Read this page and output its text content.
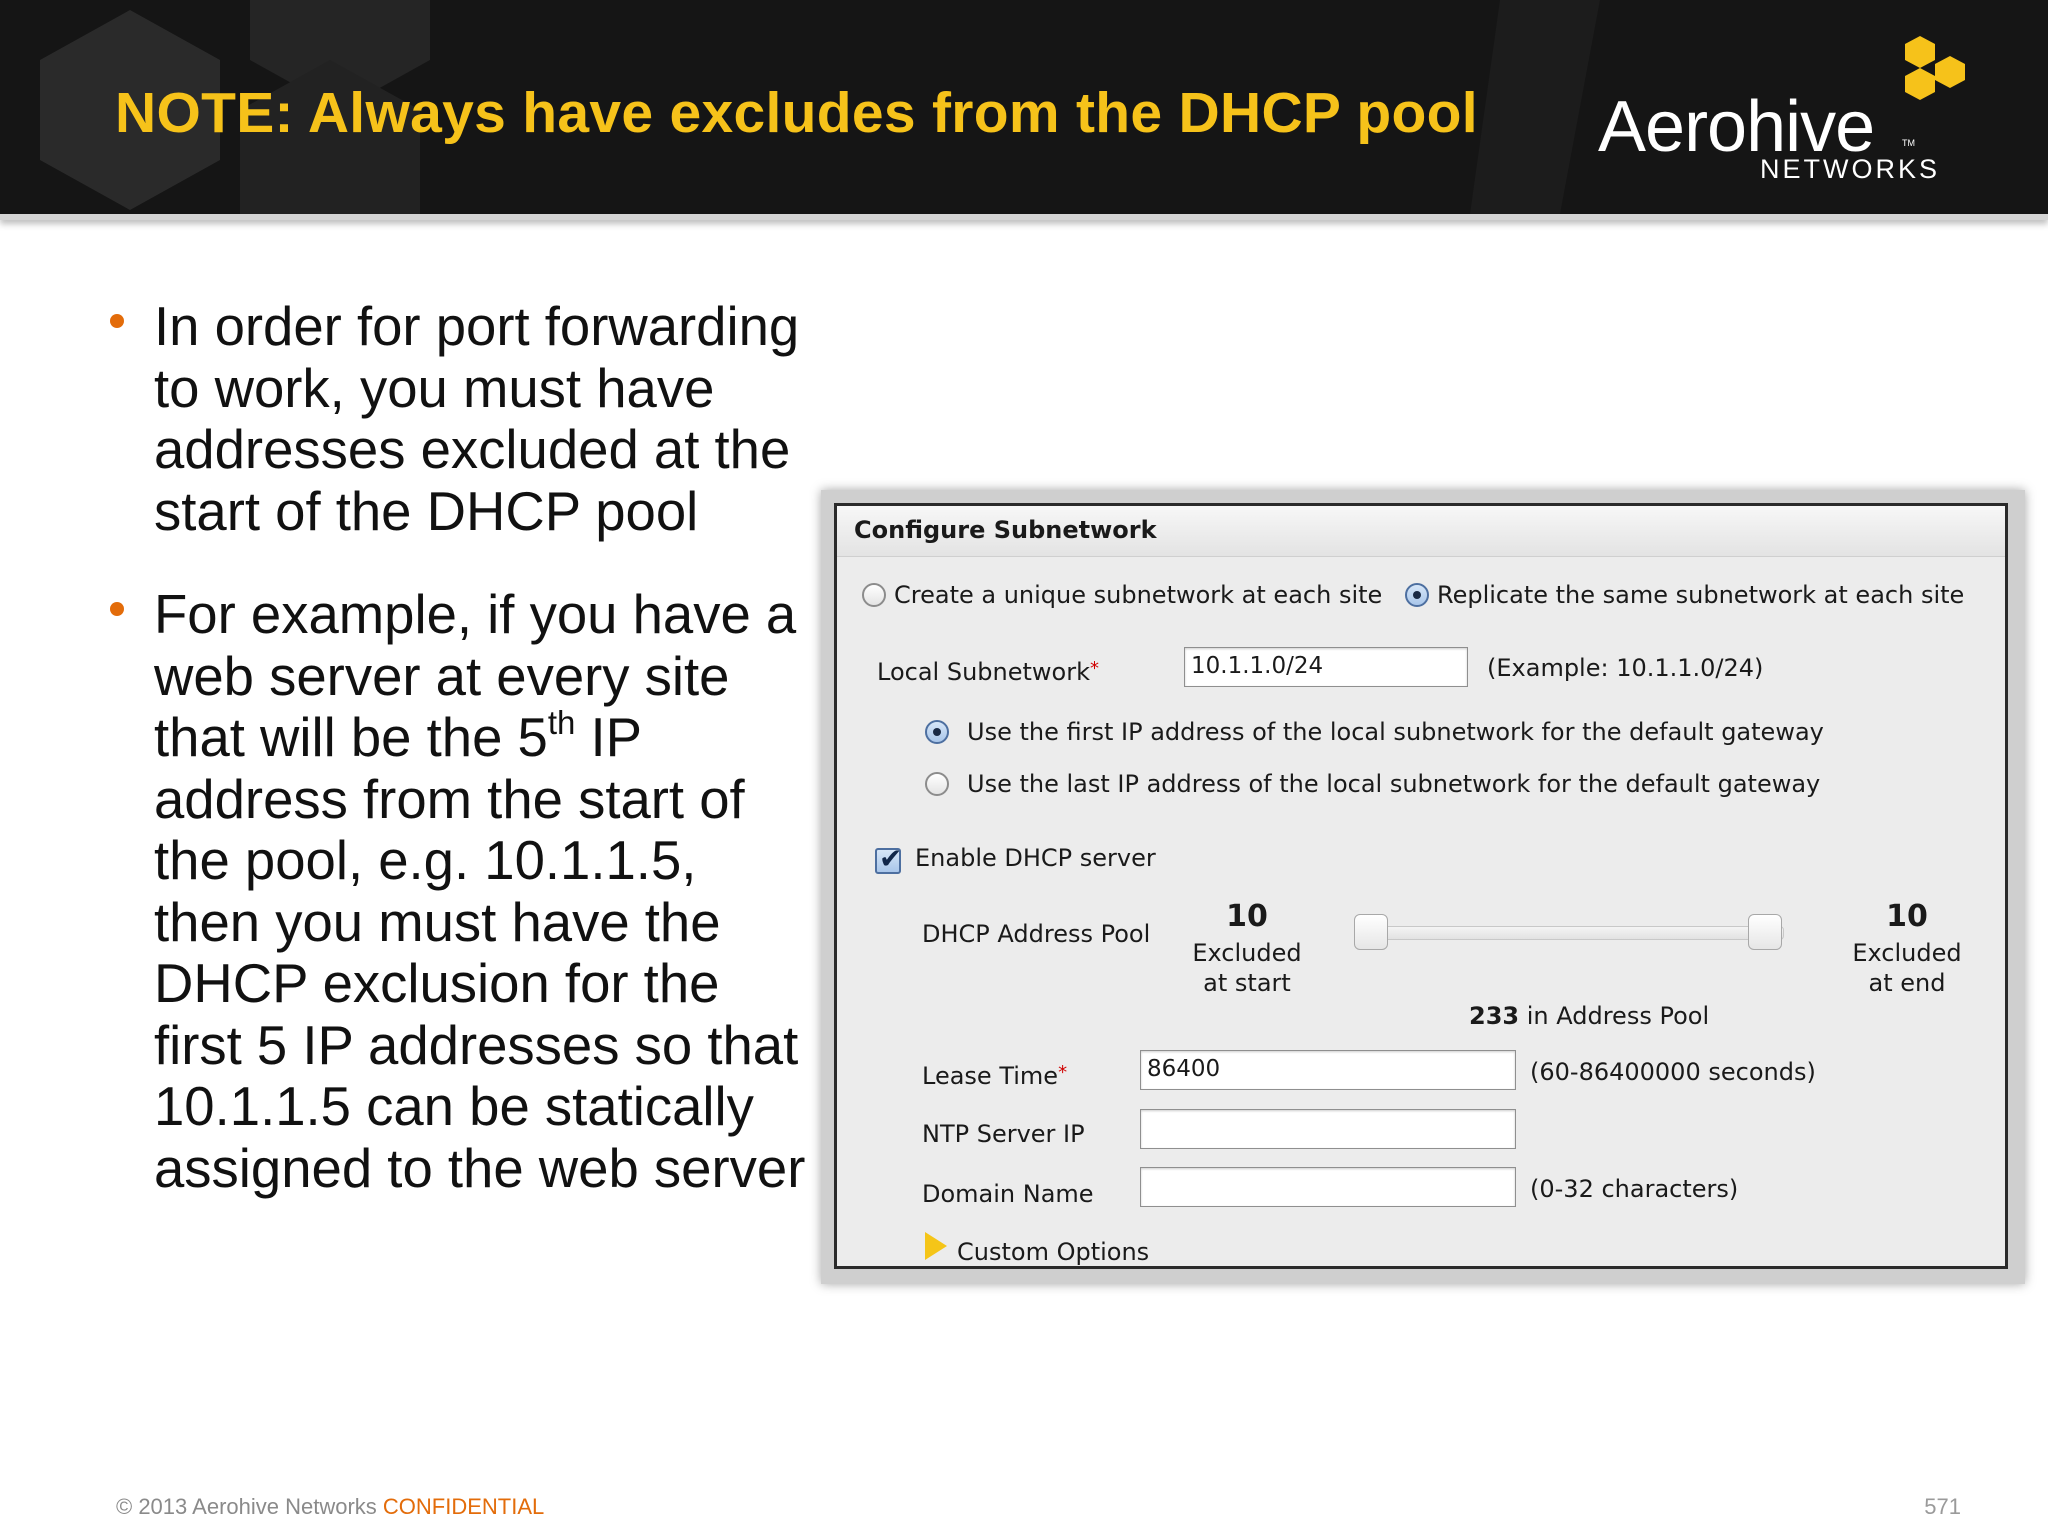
NOTE: Always have excludes from the DHCP pool Aerohive	TM
NETWORKS
In order for port forwarding to work, you must have addresses excluded at the start of the DHCP pool
For example, if you have a web server at every site that will be the 5th IP address from the start of the pool, e.g. 10.1.1.5, then you must have the DHCP exclusion for the first 5 IP addresses so that 10.1.1.5 can be statically assigned to the web server
Configure Subnetwork
Create a unique subnetwork at each site Replicate the same subnetwork at each site
Local Subnetwork*	10.1.1.0/24	(Example: 10.1.1.0/24)
Use the first IP address of the local subnetwork for the default gateway
Use the last IP address of the local subnetwork for the default gateway
✔ Enable DHCP server
DHCP Address Pool	10
Excluded
at start
10
Excluded
at end
233 in Address Pool
Lease Time*	86400	(60-86400000 seconds)
NTP Server IP
Domain Name	(0-32 characters)
Custom Options
© 2013 Aerohive Networks CONFIDENTIAL	571
